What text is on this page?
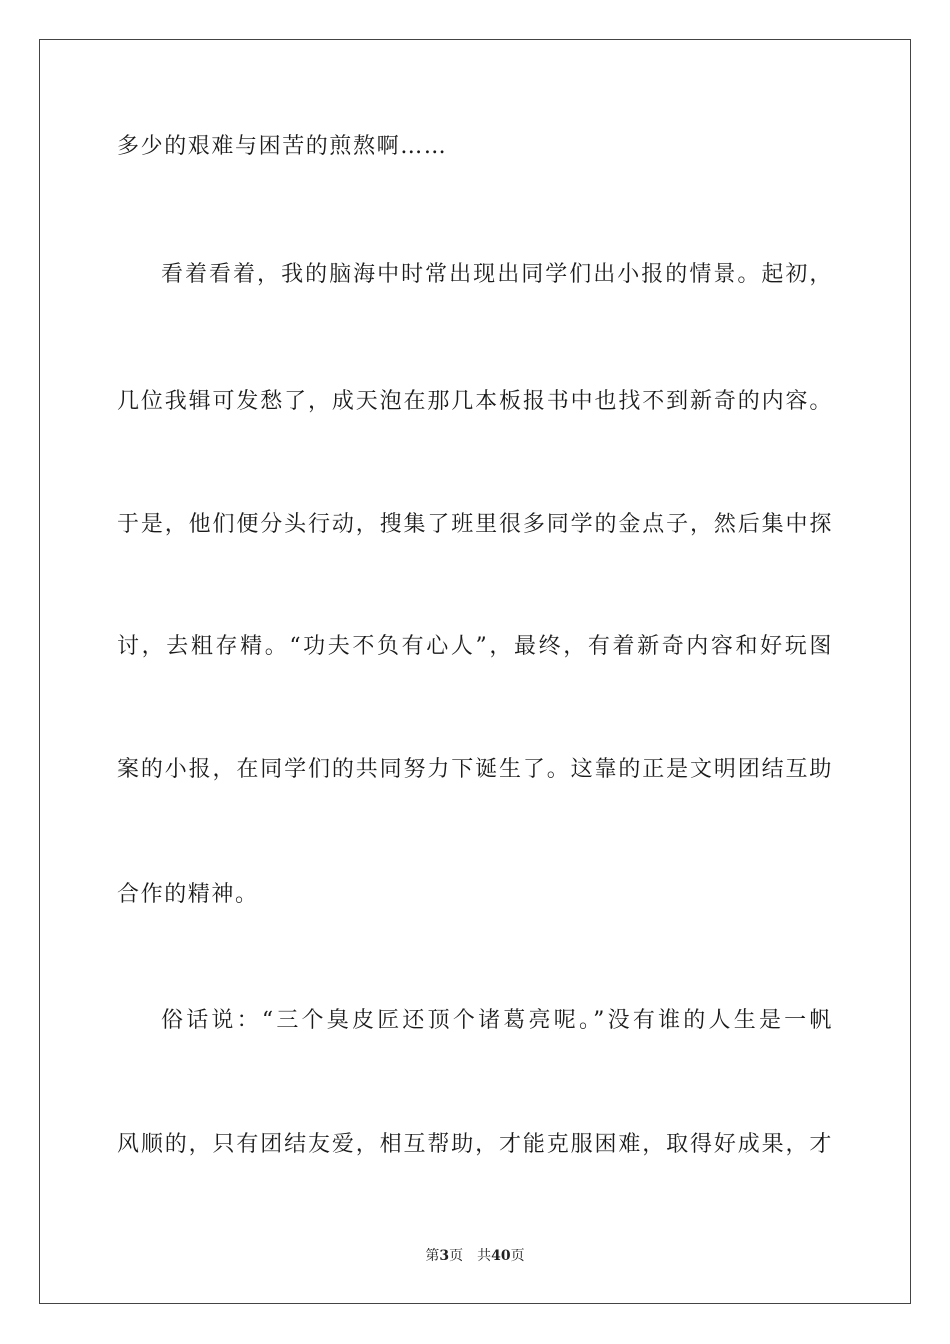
多少的艰难与困苦的煎熬啊……
看着看着，我的脑海中时常出现出同学们出小报的情景。起初，
几位我辑可发愁了，成天泡在那几本板报书中也找不到新奇的内容。
于是，他们便分头行动，搜集了班里很多同学的金点子，然后集中探
讨，去粗存精。“功夫不负有心人”，最终，有着新奇内容和好玩图
案的小报，在同学们的共同努力下诞生了。这靠的正是文明团结互助
合作的精神。
俗话说：“三个臭皮匠还顶个诸葛亮呢。”没有谁的人生是一帆
风顺的，只有团结友爱，相互帮助，才能克服困难，取得好成果，才
第3页 共40页
